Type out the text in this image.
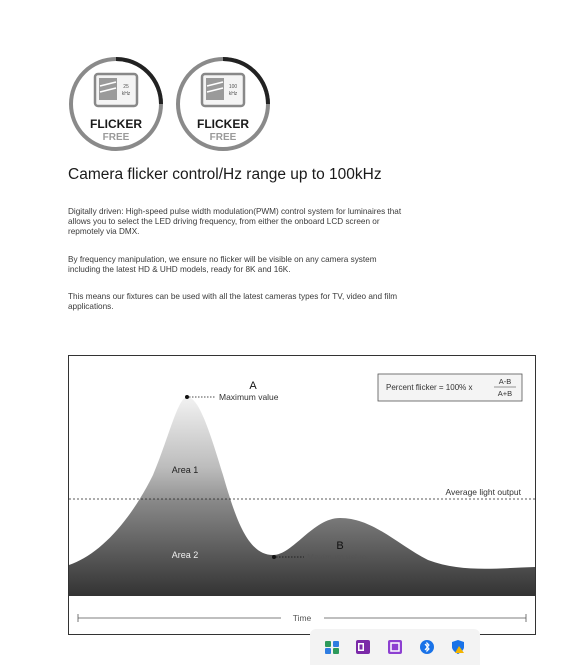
25
kHz
FLICKER
FREE
100
kHz
FLICKER
FREE
Camera flicker control/Hz range up to 100kHz

Digitally driven: High-speed pulse width modulation(PWM) control system for luminaires that allows you to select the LED driving frequency, from either the onboard LCD screen or repmotely via DMX.

By frequency manipulation, we ensure no flicker will be visible on any camera system including the latest HD & UHD models, ready for 8K and 16K.

This means our fixtures can be used with all the latest cameras types for TV, video and film applications.

Average light output
A
Maximum value
B
Maximum value
Area 1
Area 2
Percent flicker = 100% x
A-B
A+B
Time
